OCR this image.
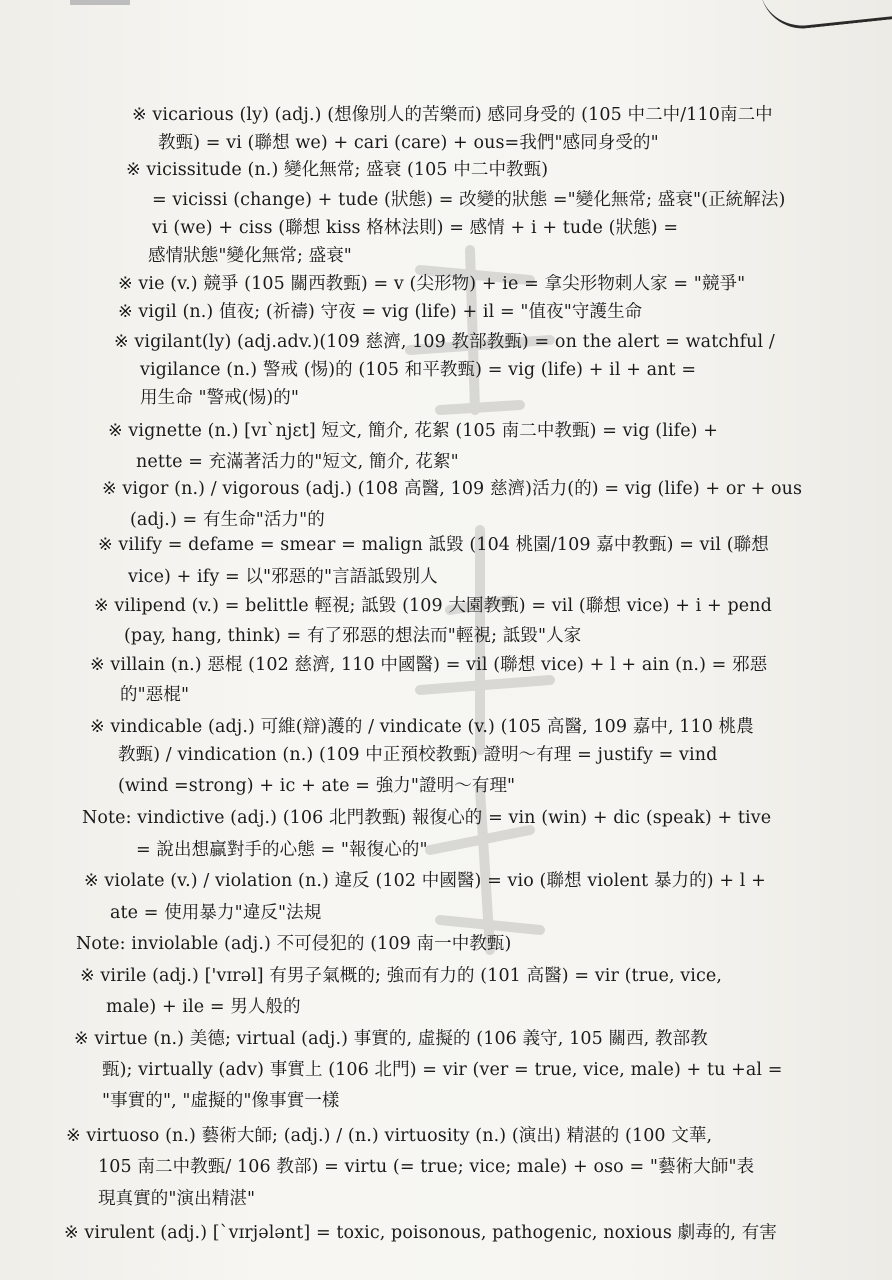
※ vicarious (ly) (adj.) (想像別人的苦樂而) 感同身受的 (105 中二中/110南二中
教甄) = vi (聯想 we) + cari (care) + ous=我們"感同身受的"
※ vicissitude (n.) 變化無常; 盛衰 (105 中二中教甄)
= vicissi (change) + tude (狀態) = 改變的狀態 ="變化無常; 盛衰"(正統解法)
vi (we) + ciss (聯想 kiss 格林法則) = 感情 + i + tude (狀態) =
感情狀態"變化無常; 盛衰"
※ vie (v.) 競爭 (105 關西教甄) = v (尖形物) + ie = 拿尖形物刺人家 = "競爭"
※ vigil (n.) 值夜; (祈禱) 守夜 = vig (life) + il = "值夜"守護生命
※ vigilant(ly) (adj.adv.)(109 慈濟, 109 教部教甄) = on the alert = watchful /
vigilance (n.) 警戒 (惕)的 (105 和平教甄) = vig (life) + il + ant =
用生命 "警戒(惕)的"
※ vignette (n.) [vɪ`njɛt] 短文, 簡介, 花絮 (105 南二中教甄) = vig (life) +
nette = 充滿著活力的"短文, 簡介, 花絮"
※ vigor (n.) / vigorous (adj.) (108 高醫, 109 慈濟)活力(的) = vig (life) + or + ous
(adj.) = 有生命"活力"的
※ vilify = defame = smear = malign 詆毀 (104 桃園/109 嘉中教甄) = vil (聯想
vice) + ify = 以"邪惡的"言語詆毀別人
※ vilipend (v.) = belittle 輕視; 詆毀 (109 大園教甄) = vil (聯想 vice) + i + pend
(pay, hang, think) = 有了邪惡的想法而"輕視; 詆毀"人家
※ villain (n.) 惡棍 (102 慈濟, 110 中國醫) = vil (聯想 vice) + l + ain (n.) = 邪惡
的"惡棍"
※ vindicable (adj.) 可維(辯)護的 / vindicate (v.) (105 高醫, 109 嘉中, 110 桃農
教甄) / vindication (n.) (109 中正預校教甄) 證明～有理 = justify = vind
(wind =strong) + ic + ate = 強力"證明～有理"
Note: vindictive (adj.) (106 北門教甄) 報復心的 = vin (win) + dic (speak) + tive
= 說出想贏對手的心態 = "報復心的"
※ violate (v.) / violation (n.) 違反 (102 中國醫) = vio (聯想 violent 暴力的) + l +
ate = 使用暴力"違反"法規
Note: inviolable (adj.) 不可侵犯的 (109 南一中教甄)
※ virile (adj.) ['vɪrəl] 有男子氣概的; 強而有力的 (101 高醫) = vir (true, vice,
male) + ile = 男人般的
※ virtue (n.) 美德; virtual (adj.) 事實的, 虛擬的 (106 義守, 105 關西, 教部教
甄); virtually (adv) 事實上 (106 北門) = vir (ver = true, vice, male) + tu +al =
"事實的", "虛擬的"像事實一樣
※ virtuoso (n.) 藝術大師; (adj.) / (n.) virtuosity (n.) (演出) 精湛的 (100 文華,
105 南二中教甄/ 106 教部) = virtu (= true; vice; male) + oso = "藝術大師"表
現真實的"演出精湛"
※ virulent (adj.) [`vɪrjələnt] = toxic, poisonous, pathogenic, noxious 劇毒的, 有害
